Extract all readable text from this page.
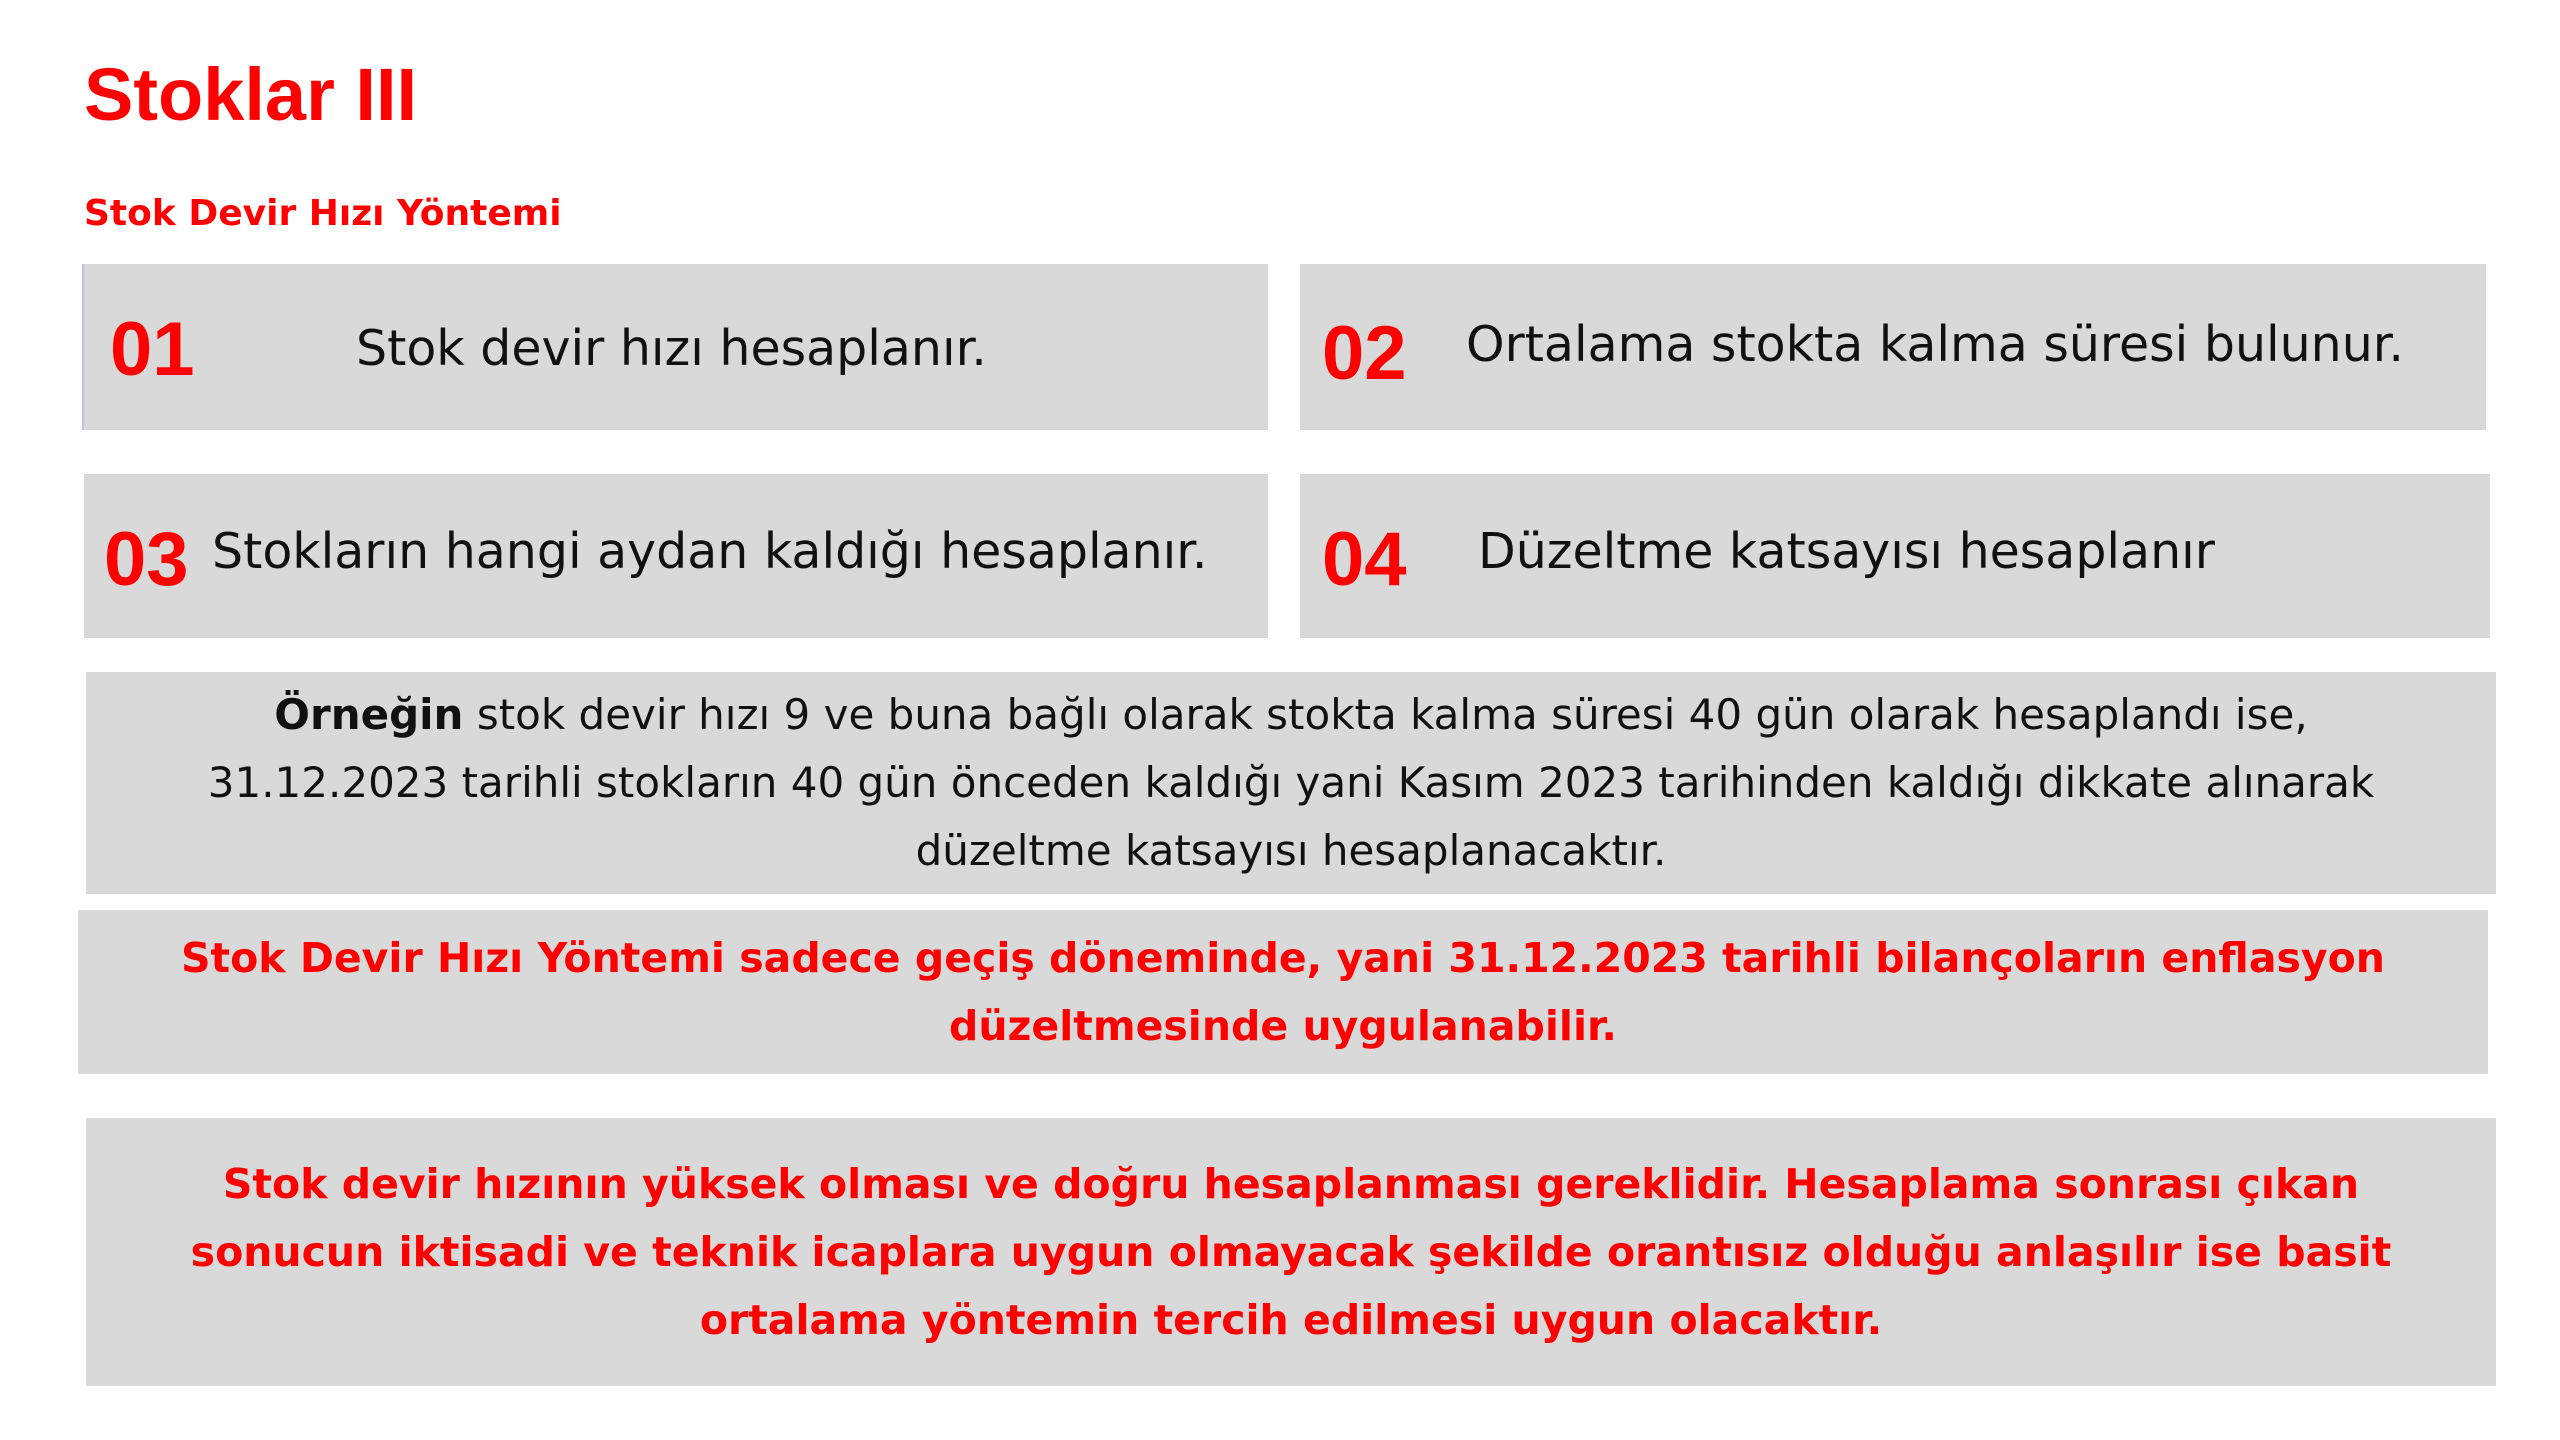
Stoklar III
Stok Devir Hızı Yöntemi
01	Stok devir hızı hesaplanır.	02 Ortalama stokta kalma süresi bulunur.
03 Stokların hangi aydan kaldığı hesaplanır. 04 Düzeltme katsayısı hesaplanır
Örneğin stok devir hızı 9 ve buna bağlı olarak stokta kalma süresi 40 gün olarak hesaplandı ise, 31.12.2023 tarihli stokların 40 gün önceden kaldığı yani Kasım 2023 tarihinden kaldığı dikkate alınarak düzeltme katsayısı hesaplanacaktır.
Stok Devir Hızı Yöntemi sadece geçiş döneminde, yani 31.12.2023 tarihli bilançoların enflasyon düzeltmesinde uygulanabilir.
Stok devir hızının yüksek olması ve doğru hesaplanması gereklidir. Hesaplama sonrası çıkan sonucun iktisadi ve teknik icaplara uygun olmayacak şekilde orantısız olduğu anlaşılır ise basit ortalama yöntemin tercih edilmesi uygun olacaktır.
